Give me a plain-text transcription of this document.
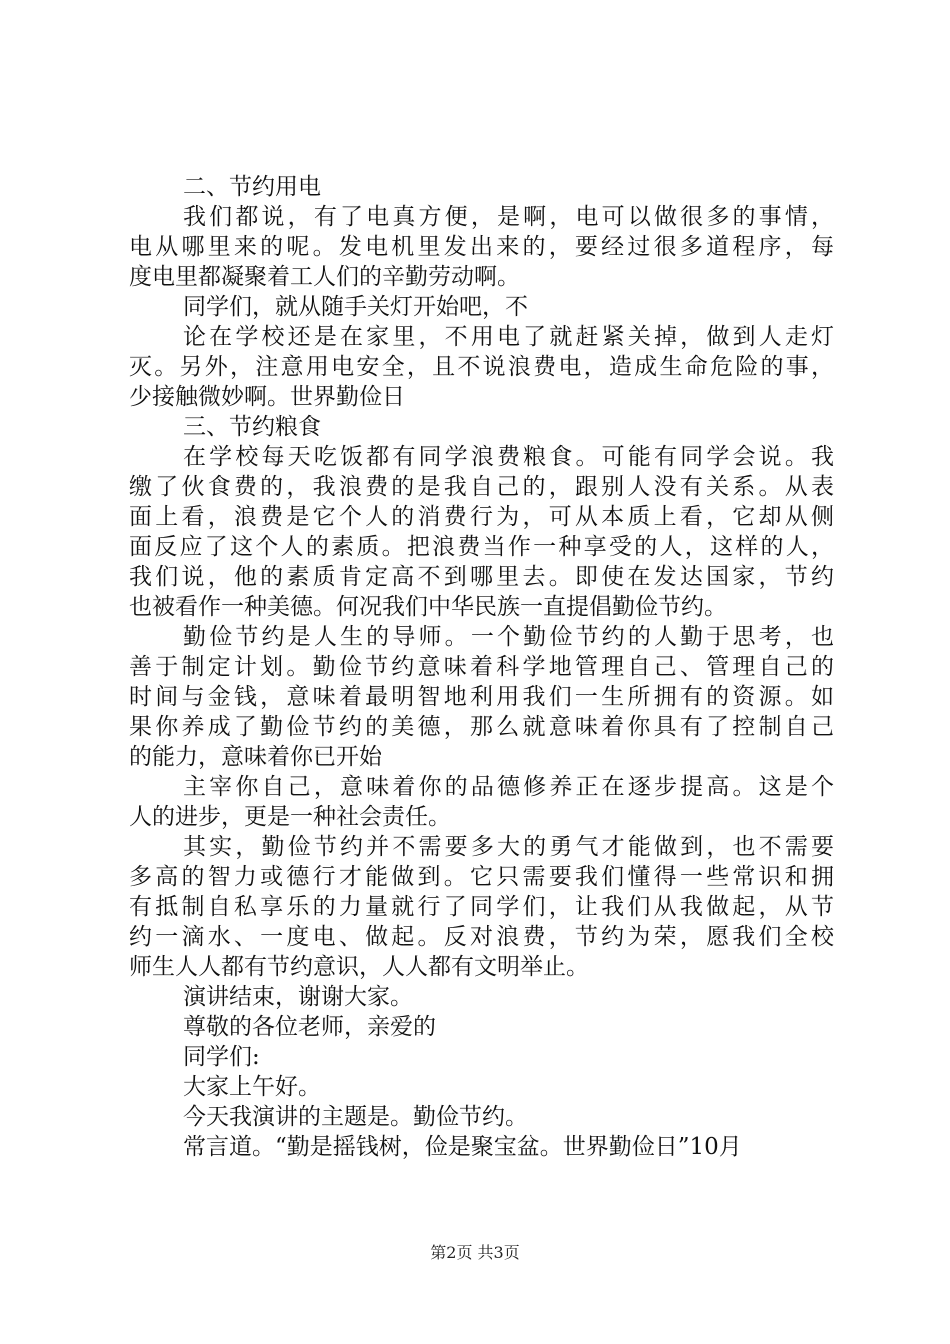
二、节约用电
我们都说，有了电真方便，是啊，电可以做很多的事情，
电从哪里来的呢。发电机里发出来的，要经过很多道程序，每
度电里都凝聚着工人们的辛勤劳动啊。
同学们，就从随手关灯开始吧，不
论在学校还是在家里，不用电了就赶紧关掉，做到人走灯
灭。另外，注意用电安全，且不说浪费电，造成生命危险的事，
少接触微妙啊。世界勤俭日
三、节约粮食
在学校每天吃饭都有同学浪费粮食。可能有同学会说。我
缴了伙食费的，我浪费的是我自己的，跟别人没有关系。从表
面上看，浪费是它个人的消费行为，可从本质上看，它却从侧
面反应了这个人的素质。把浪费当作一种享受的人，这样的人，
我们说，他的素质肯定高不到哪里去。即使在发达国家，节约
也被看作一种美德。何况我们中华民族一直提倡勤俭节约。
勤俭节约是人生的导师。一个勤俭节约的人勤于思考，也
善于制定计划。勤俭节约意味着科学地管理自己、管理自己的
时间与金钱，意味着最明智地利用我们一生所拥有的资源。如
果你养成了勤俭节约的美德，那么就意味着你具有了控制自己
的能力，意味着你已开始
主宰你自己，意味着你的品德修养正在逐步提高。这是个
人的进步，更是一种社会责任。
其实，勤俭节约并不需要多大的勇气才能做到，也不需要
多高的智力或德行才能做到。它只需要我们懂得一些常识和拥
有抵制自私享乐的力量就行了同学们，让我们从我做起，从节
约一滴水、一度电、做起。反对浪费，节约为荣，愿我们全校
师生人人都有节约意识，人人都有文明举止。
演讲结束，谢谢大家。
尊敬的各位老师，亲爱的
同学们:
大家上午好。
今天我演讲的主题是。勤俭节约。
常言道。“勤是摇钱树，俭是聚宝盆。世界勤俭日”10月
第2页 共3页
